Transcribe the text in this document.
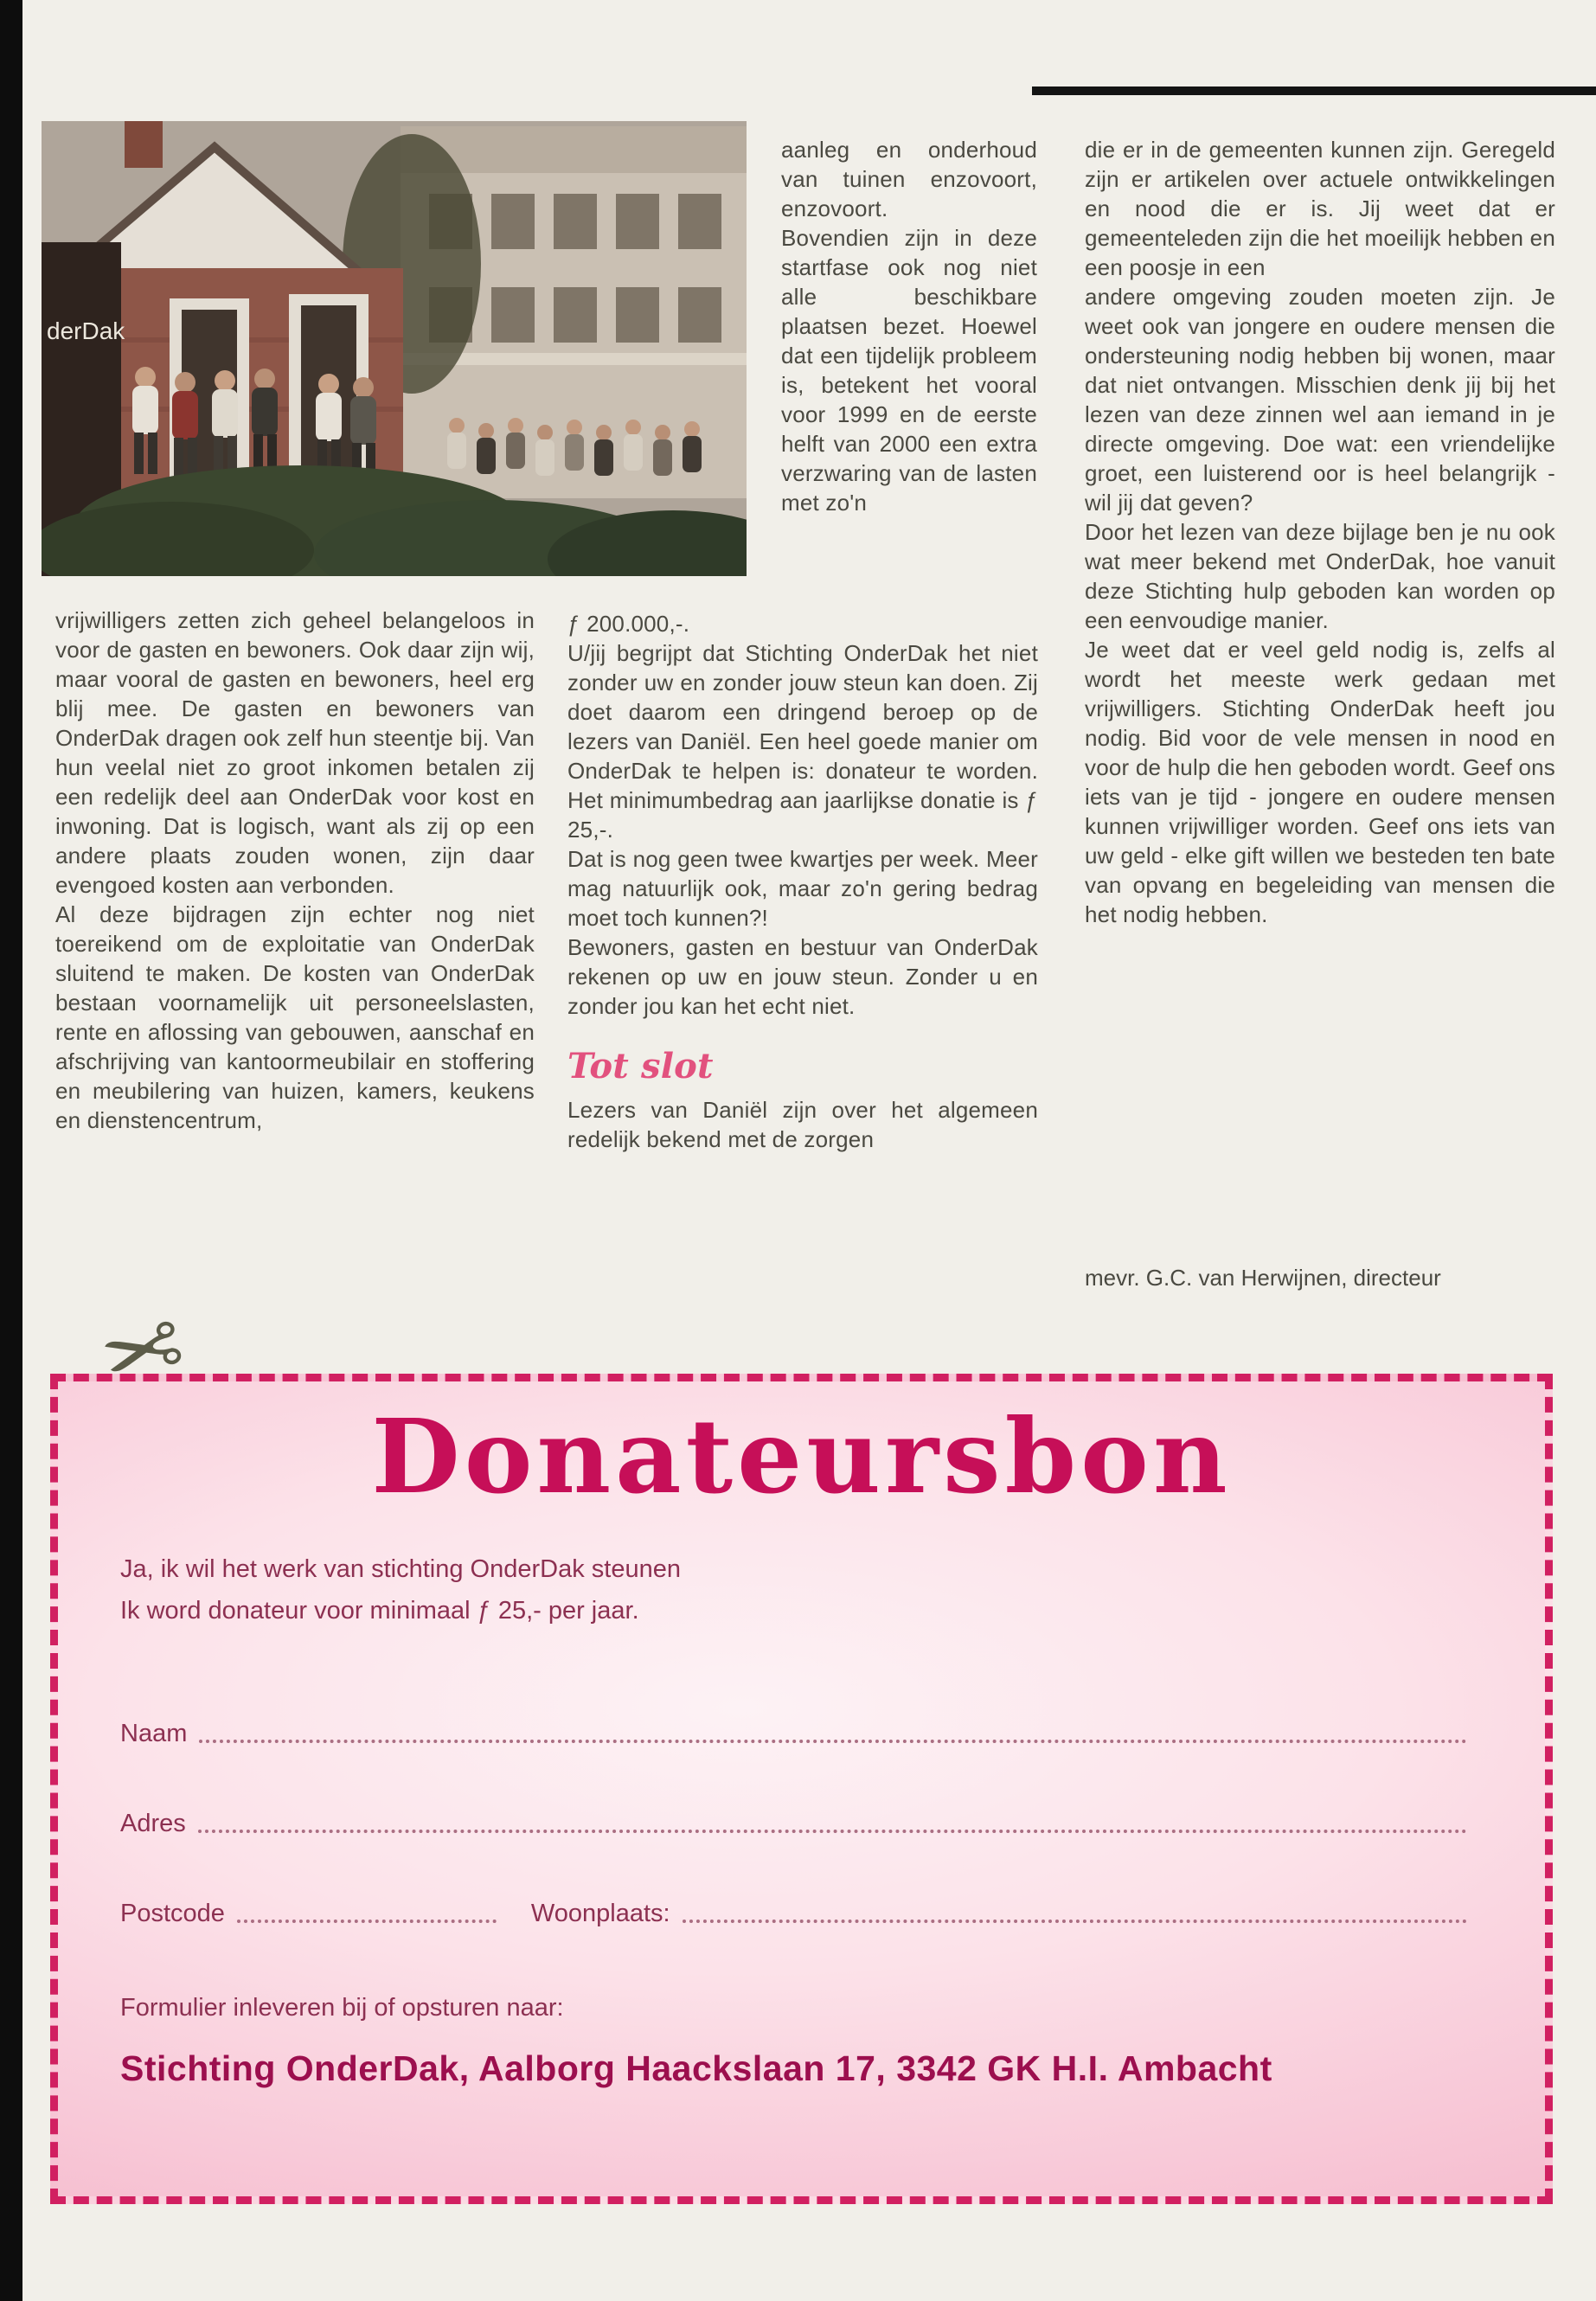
derDak

vrijwilligers zetten zich geheel belangeloos in voor de gasten en bewoners. Ook daar zijn wij, maar vooral de gasten en bewoners, heel erg blij mee. De gasten en bewoners van OnderDak dragen ook zelf hun steentje bij. Van hun veelal niet zo groot inkomen betalen zij een redelijk deel aan OnderDak voor kost en inwoning. Dat is logisch, want als zij op een andere plaats zouden wonen, zijn daar evengoed kosten aan verbonden.

Al deze bijdragen zijn echter nog niet toereikend om de exploitatie van OnderDak sluitend te maken. De kosten van OnderDak bestaan voornamelijk uit personeelslasten, rente en aflossing van gebouwen, aanschaf en afschrijving van kantoormeubilair en stoffering en meubilering van huizen, kamers, keukens en dienstencentrum,

aanleg en onderhoud van tuinen enzovoort, enzovoort.

Bovendien zijn in deze startfase ook nog niet alle beschikbare plaatsen bezet. Hoewel dat een tijdelijk probleem is, betekent het vooral voor 1999 en de eerste helft van 2000 een extra verzwaring van de lasten met zo'n

ƒ 200.000,-.

U/jij begrijpt dat Stichting OnderDak het niet zonder uw en zonder jouw steun kan doen. Zij doet daarom een dringend beroep op de lezers van Daniël. Een heel goede manier om OnderDak te helpen is: donateur te worden. Het minimumbedrag aan jaarlijkse donatie is ƒ 25,-.

Dat is nog geen twee kwartjes per week. Meer mag natuurlijk ook, maar zo'n gering bedrag moet toch kunnen?!

Bewoners, gasten en bestuur van OnderDak rekenen op uw en jouw steun. Zonder u en zonder jou kan het echt niet.

Tot slot

Lezers van Daniël zijn over het algemeen redelijk bekend met de zorgen

die er in de gemeenten kunnen zijn. Geregeld zijn er artikelen over actuele ontwikkelingen en nood die er is. Jij weet dat er gemeenteleden zijn die het moeilijk hebben en een poosje in een

andere omgeving zouden moeten zijn. Je weet ook van jongere en oudere mensen die ondersteuning nodig hebben bij wonen, maar dat niet ontvangen. Misschien denk jij bij het lezen van deze zinnen wel aan iemand in je directe omgeving. Doe wat: een vriendelijke groet, een luisterend oor is heel belangrijk - wil jij dat geven?

Door het lezen van deze bijlage ben je nu ook wat meer bekend met OnderDak, hoe vanuit deze Stichting hulp geboden kan worden op een eenvoudige manier.

Je weet dat er veel geld nodig is, zelfs al wordt het meeste werk gedaan met vrijwilligers. Stichting OnderDak heeft jou nodig. Bid voor de vele mensen in nood en voor de hulp die hen geboden wordt. Geef ons iets van je tijd - jongere en oudere mensen kunnen vrijwilliger worden. Geef ons iets van uw geld - elke gift willen we besteden ten bate van opvang en begeleiding van mensen die het nodig hebben.

mevr. G.C. van Herwijnen, directeur
Donateursbon

Ja, ik wil het werk van stichting OnderDak steunen

Ik word donateur voor minimaal ƒ 25,- per jaar.

Naam
Adres
Postcode	Woonplaats:

Formulier inleveren bij of opsturen naar:

Stichting OnderDak, Aalborg Haackslaan 17, 3342 GK H.I. Ambacht

✂
